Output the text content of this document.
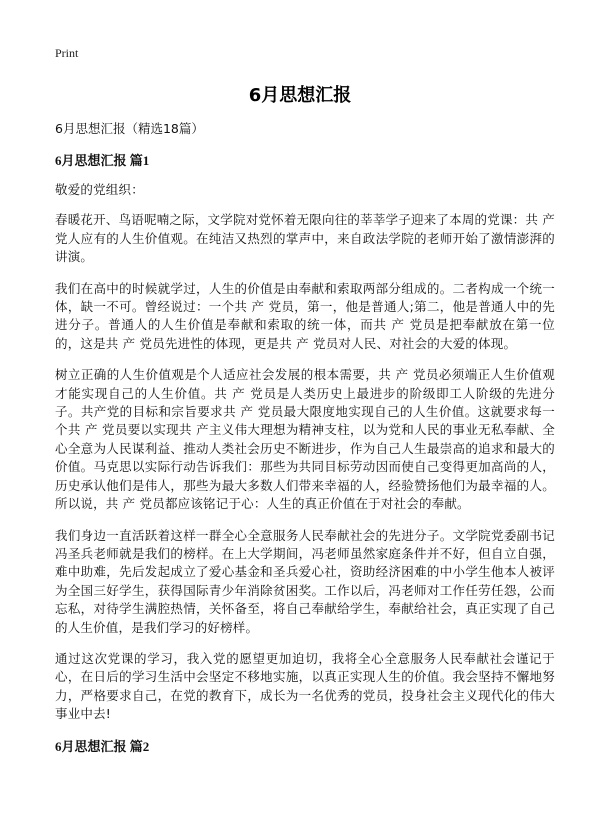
Print
6月思想汇报

6月思想汇报（精选18篇）

6月思想汇报 篇1

敬爱的党组织：

春暖花开、鸟语呢喃之际，文学院对党怀着无限向往的莘莘学子迎来了本周的党课：共 产 党人应有的人生价值观。在纯洁又热烈的掌声中，来自政法学院的老师开始了激情澎湃的讲演。

我们在高中的时候就学过，人生的价值是由奉献和索取两部分组成的。二者构成一个统一体，缺一不可。曾经说过：一个共 产 党员，第一，他是普通人;第二，他是普通人中的先进分子。普通人的人生价值是奉献和索取的统一体，而共 产 党员是把奉献放在第一位的，这是共 产 党员先进性的体现，更是共 产 党员对人民、对社会的大爱的体现。

树立正确的人生价值观是个人适应社会发展的根本需要，共 产 党员必须端正人生价值观才能实现自己的人生价值。共 产 党员是人类历史上最进步的阶级即工人阶级的先进分子。共产党的目标和宗旨要求共 产 党员最大限度地实现自己的人生价值。这就要求每一个共 产 党员要以实现共 产主义伟大理想为精神支柱，以为党和人民的事业无私奉献、全心全意为人民谋利益、推动人类社会历史不断进步，作为自己人生最崇高的追求和最大的价值。马克思以实际行动告诉我们：那些为共同目标劳动因而使自己变得更加高尚的人，历史承认他们是伟人，那些为最大多数人们带来幸福的人，经验赞扬他们为最幸福的人。所以说，共 产 党员都应该铭记于心：人生的真正价值在于对社会的奉献。

我们身边一直活跃着这样一群全心全意服务人民奉献社会的先进分子。文学院党委副书记冯圣兵老师就是我们的榜样。在上大学期间，冯老师虽然家庭条件并不好，但自立自强，难中助难，先后发起成立了爱心基金和圣兵爱心社，资助经济困难的中小学生他本人被评为全国三好学生，获得国际青少年消除贫困奖。工作以后，冯老师对工作任劳任怨，公而忘私，对待学生满腔热情，关怀备至，将自己奉献给学生，奉献给社会，真正实现了自己的人生价值，是我们学习的好榜样。

通过这次党课的学习，我入党的愿望更加迫切，我将全心全意服务人民奉献社会谨记于心，在日后的学习生活中会坚定不移地实施，以真正实现人生的价值。我会坚持不懈地努力，严格要求自己，在党的教育下，成长为一名优秀的党员，投身社会主义现代化的伟大事业中去!

6月思想汇报 篇2
